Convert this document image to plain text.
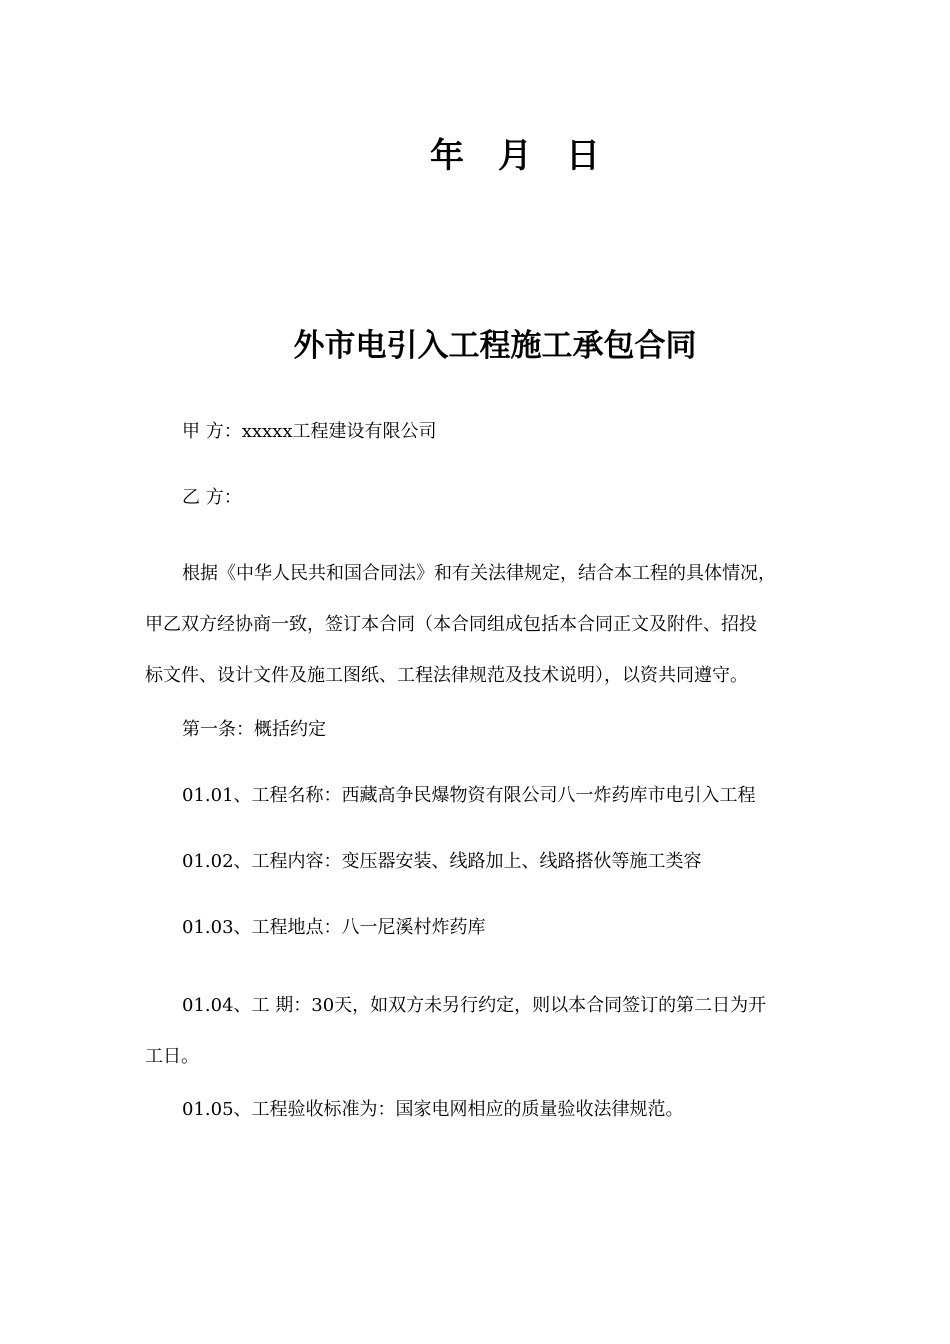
年 月 日
外市电引入工程施工承包合同
甲 方：xxxxx工程建设有限公司
乙 方：
根据《中华人民共和国合同法》和有关法律规定，结合本工程的具体情况，
甲乙双方经协商一致，签订本合同（本合同组成包括本合同正文及附件、招投
标文件、设计文件及施工图纸、工程法律规范及技术说明），以资共同遵守。
第一条：概括约定
01.01、工程名称：西藏高争民爆物资有限公司八一炸药库市电引入工程
01.02、工程内容：变压器安装、线路加上、线路搭伙等施工类容
01.03、工程地点：八一尼溪村炸药库
01.04、工 期：30天，如双方未另行约定，则以本合同签订的第二日为开
工日。
01.05、工程验收标准为：国家电网相应的质量验收法律规范。
